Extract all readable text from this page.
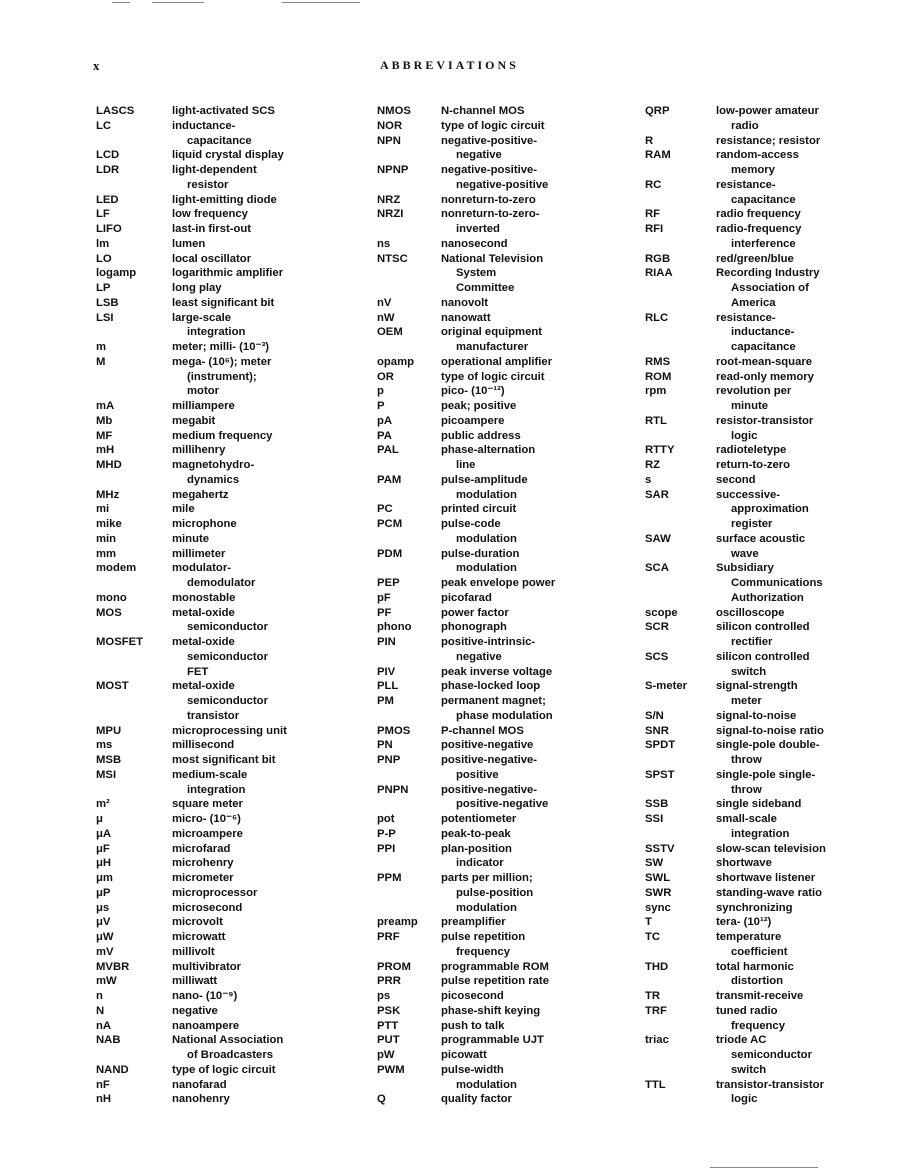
x	ABBREVIATIONS
LASCS	light-activated SCS
LC	inductance-
capacitance
LCD	liquid crystal display
LDR	light-dependent
resistor
LED	light-emitting diode
LF	low frequency
LIFO	last-in first-out
lm	lumen
LO	local oscillator
logamp	logarithmic amplifier
LP	long play
LSB	least significant bit
LSI	large-scale
integration
m	meter; milli- (10⁻³)
M	mega- (10⁶); meter
(instrument);
motor
mA	milliampere
Mb	megabit
MF	medium frequency
mH	millihenry
MHD	magnetohydro-
dynamics
MHz	megahertz
mi	mile
mike	microphone
min	minute
mm	millimeter
modem	modulator-
demodulator
mono	monostable
MOS	metal-oxide
semiconductor
MOSFET	metal-oxide
semiconductor
FET
MOST	metal-oxide
semiconductor
transistor
MPU	microprocessing unit
ms	millisecond
MSB	most significant bit
MSI	medium-scale
integration
m²	square meter
μ	micro- (10⁻⁶)
μA	microampere
μF	microfarad
μH	microhenry
μm	micrometer
μP	microprocessor
μs	microsecond
μV	microvolt
μW	microwatt
mV	millivolt
MVBR	multivibrator
mW	milliwatt
n	nano- (10⁻⁹)
N	negative
nA	nanoampere
NAB	National Association
of Broadcasters
NAND	type of logic circuit
nF	nanofarad
nH	nanohenry
NMOS	N-channel MOS
NOR	type of logic circuit
NPN	negative-positive-
negative
NPNP	negative-positive-
negative-positive
NRZ	nonreturn-to-zero
NRZI	nonreturn-to-zero-
inverted
ns	nanosecond
NTSC	National Television
System
Committee
nV	nanovolt
nW	nanowatt
OEM	original equipment
manufacturer
opamp	operational amplifier
OR	type of logic circuit
p	pico- (10⁻¹²)
P	peak; positive
pA	picoampere
PA	public address
PAL	phase-alternation
line
PAM	pulse-amplitude
modulation
PC	printed circuit
PCM	pulse-code
modulation
PDM	pulse-duration
modulation
PEP	peak envelope power
pF	picofarad
PF	power factor
phono	phonograph
PIN	positive-intrinsic-
negative
PIV	peak inverse voltage
PLL	phase-locked loop
PM	permanent magnet;
phase modulation
PMOS	P-channel MOS
PN	positive-negative
PNP	positive-negative-
positive
PNPN	positive-negative-
positive-negative
pot	potentiometer
P-P	peak-to-peak
PPI	plan-position
indicator
PPM	parts per million;
pulse-position
modulation
preamp	preamplifier
PRF	pulse repetition
frequency
PROM	programmable ROM
PRR	pulse repetition rate
ps	picosecond
PSK	phase-shift keying
PTT	push to talk
PUT	programmable UJT
pW	picowatt
PWM	pulse-width
modulation
Q	quality factor
QRP	low-power amateur
radio
R	resistance; resistor
RAM	random-access
memory
RC	resistance-
capacitance
RF	radio frequency
RFI	radio-frequency
interference
RGB	red/green/blue
RIAA	Recording Industry
Association of
America
RLC	resistance-
inductance-
capacitance
RMS	root-mean-square
ROM	read-only memory
rpm	revolution per
minute
RTL	resistor-transistor
logic
RTTY	radioteletype
RZ	return-to-zero
s	second
SAR	successive-
approximation
register
SAW	surface acoustic
wave
SCA	Subsidiary
Communications
Authorization
scope	oscilloscope
SCR	silicon controlled
rectifier
SCS	silicon controlled
switch
S-meter	signal-strength
meter
S/N	signal-to-noise
SNR	signal-to-noise ratio
SPDT	single-pole double-
throw
SPST	single-pole single-
throw
SSB	single sideband
SSI	small-scale
integration
SSTV	slow-scan television
SW	shortwave
SWL	shortwave listener
SWR	standing-wave ratio
sync	synchronizing
T	tera- (10¹²)
TC	temperature
coefficient
THD	total harmonic
distortion
TR	transmit-receive
TRF	tuned radio
frequency
triac	triode AC
semiconductor
switch
TTL	transistor-transistor
logic
